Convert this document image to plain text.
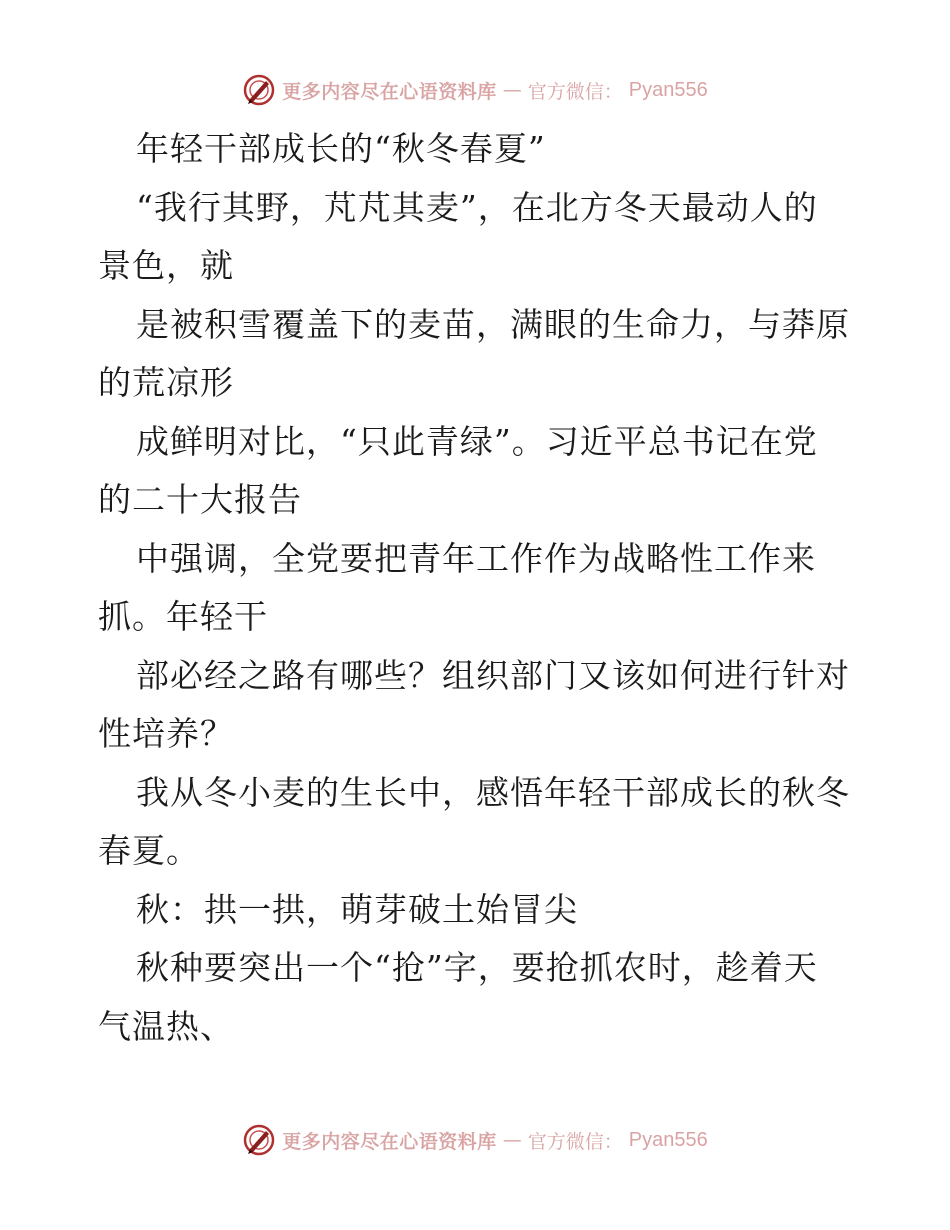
更多内容尽在心语资料库 — 官方微信： Pyan556
年轻干部成长的“秋冬春夏”
“我行其野，芃芃其麦”，在北方冬天最动人的
景色，就
是被积雪覆盖下的麦苗，满眼的生命力，与莽原
的荒凉形
成鲜明对比，“只此青绿”。习近平总书记在党
的二十大报告
中强调，全党要把青年工作作为战略性工作来
抓。年轻干
部必经之路有哪些？组织部门又该如何进行针对
性培养？
我从冬小麦的生长中，感悟年轻干部成长的秋冬
春夏。
秋：拱一拱，萌芽破土始冒尖
秋种要突出一个“抢”字，要抢抓农时，趁着天
气温热、
更多内容尽在心语资料库 — 官方微信： Pyan556
